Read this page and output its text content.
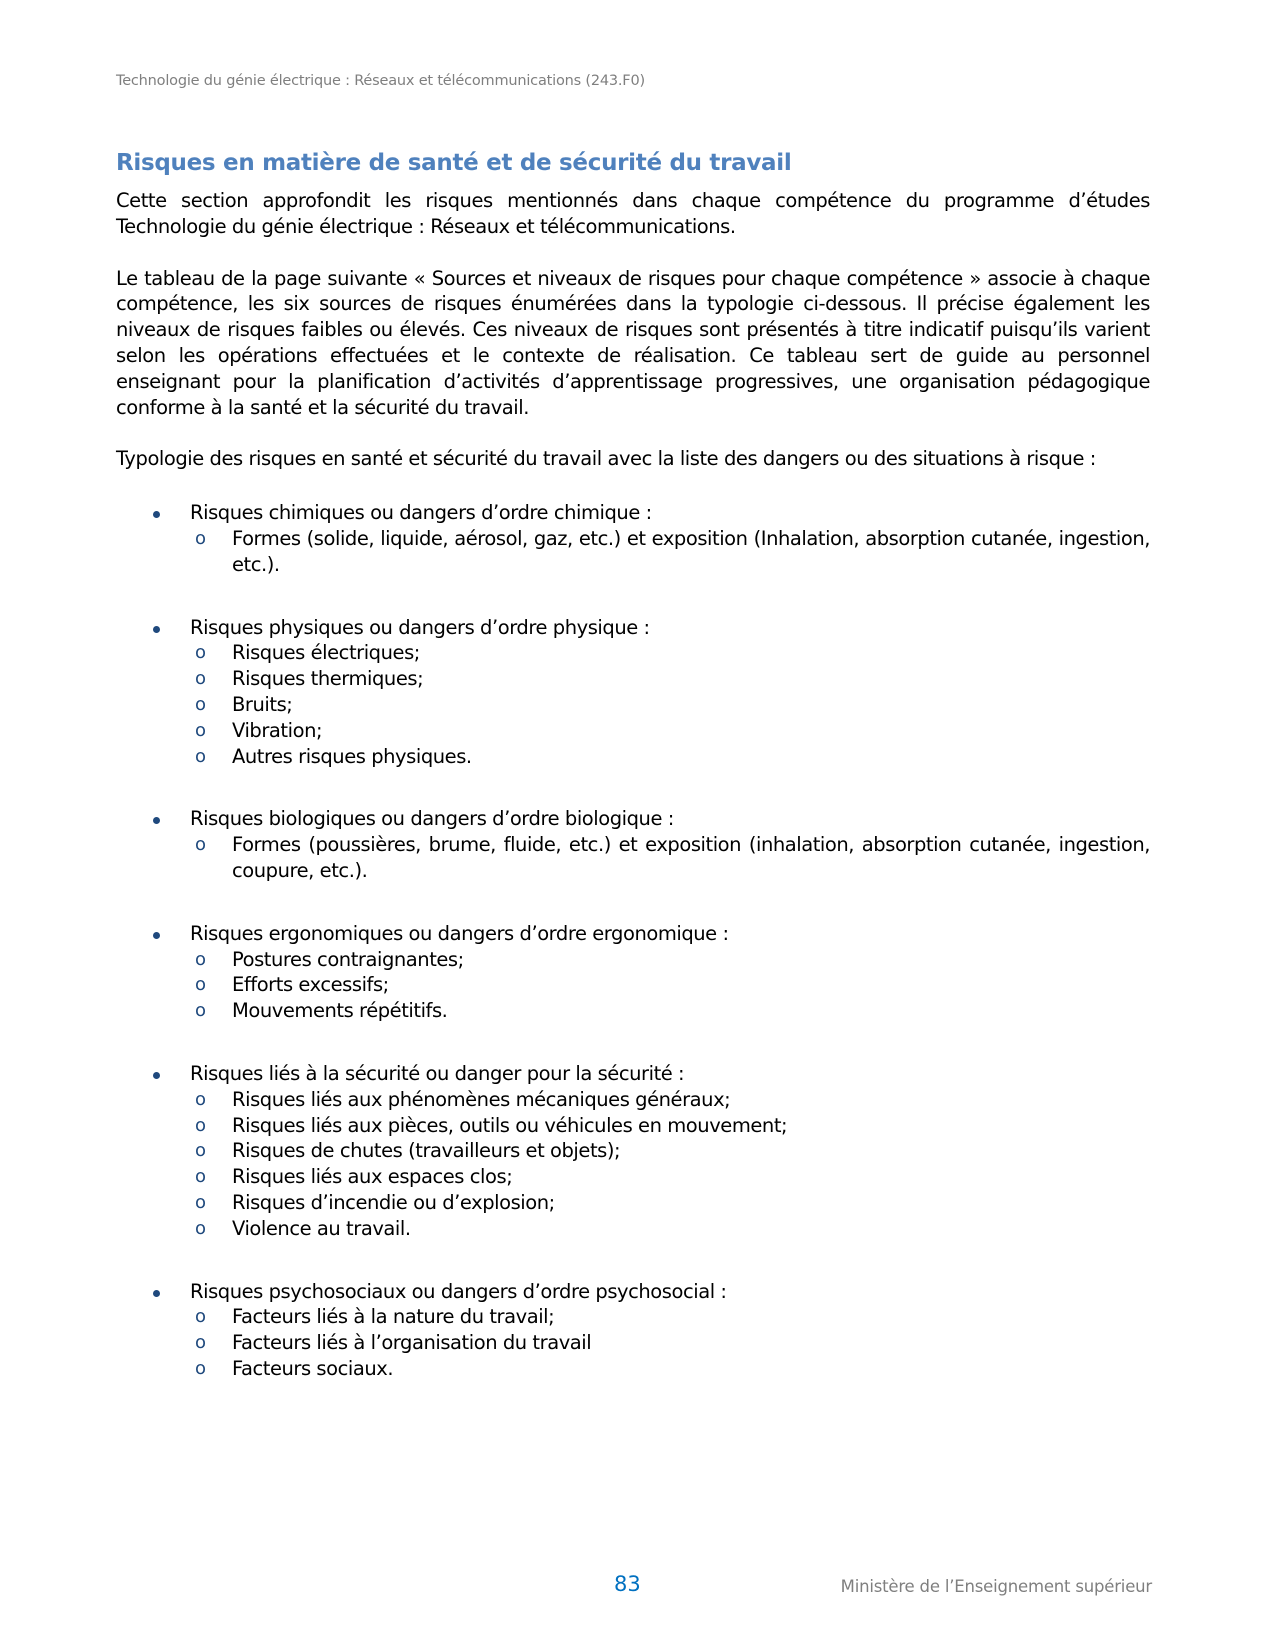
Technologie du génie électrique : Réseaux et télécommunications (243.F0)
Risques en matière de santé et de sécurité du travail

Cette section approfondit les risques mentionnés dans chaque compétence du programme d’études Technologie du génie électrique : Réseaux et télécommunications.

Le tableau de la page suivante « Sources et niveaux de risques pour chaque compétence » associe à chaque compétence, les six sources de risques énumérées dans la typologie ci-dessous. Il précise également les niveaux de risques faibles ou élevés. Ces niveaux de risques sont présentés à titre indicatif puisqu’ils varient selon les opérations effectuées et le contexte de réalisation. Ce tableau sert de guide au personnel enseignant pour la planification d’activités d’apprentissage progressives, une organisation pédagogique conforme à la santé et la sécurité du travail.

Typologie des risques en santé et sécurité du travail avec la liste des dangers ou des situations à risque :

Risques chimiques ou dangers d’ordre chimique :
o Formes (solide, liquide, aérosol, gaz, etc.) et exposition (Inhalation, absorption cutanée, ingestion, etc.).
Risques physiques ou dangers d’ordre physique :
o Risques électriques;
o Risques thermiques;
o Bruits;
o Vibration;
o Autres risques physiques.
Risques biologiques ou dangers d’ordre biologique :
o Formes (poussières, brume, fluide, etc.) et exposition (inhalation, absorption cutanée, ingestion, coupure, etc.).
Risques ergonomiques ou dangers d’ordre ergonomique :
o Postures contraignantes;
o Efforts excessifs;
o Mouvements répétitifs.
Risques liés à la sécurité ou danger pour la sécurité :
o Risques liés aux phénomènes mécaniques généraux;
o Risques liés aux pièces, outils ou véhicules en mouvement;
o Risques de chutes (travailleurs et objets);
o Risques liés aux espaces clos;
o Risques d’incendie ou d’explosion;
o Violence au travail.
Risques psychosociaux ou dangers d’ordre psychosocial :
o Facteurs liés à la nature du travail;
o Facteurs liés à l’organisation du travail
o Facteurs sociaux.
83	Ministère de l’Enseignement supérieur
